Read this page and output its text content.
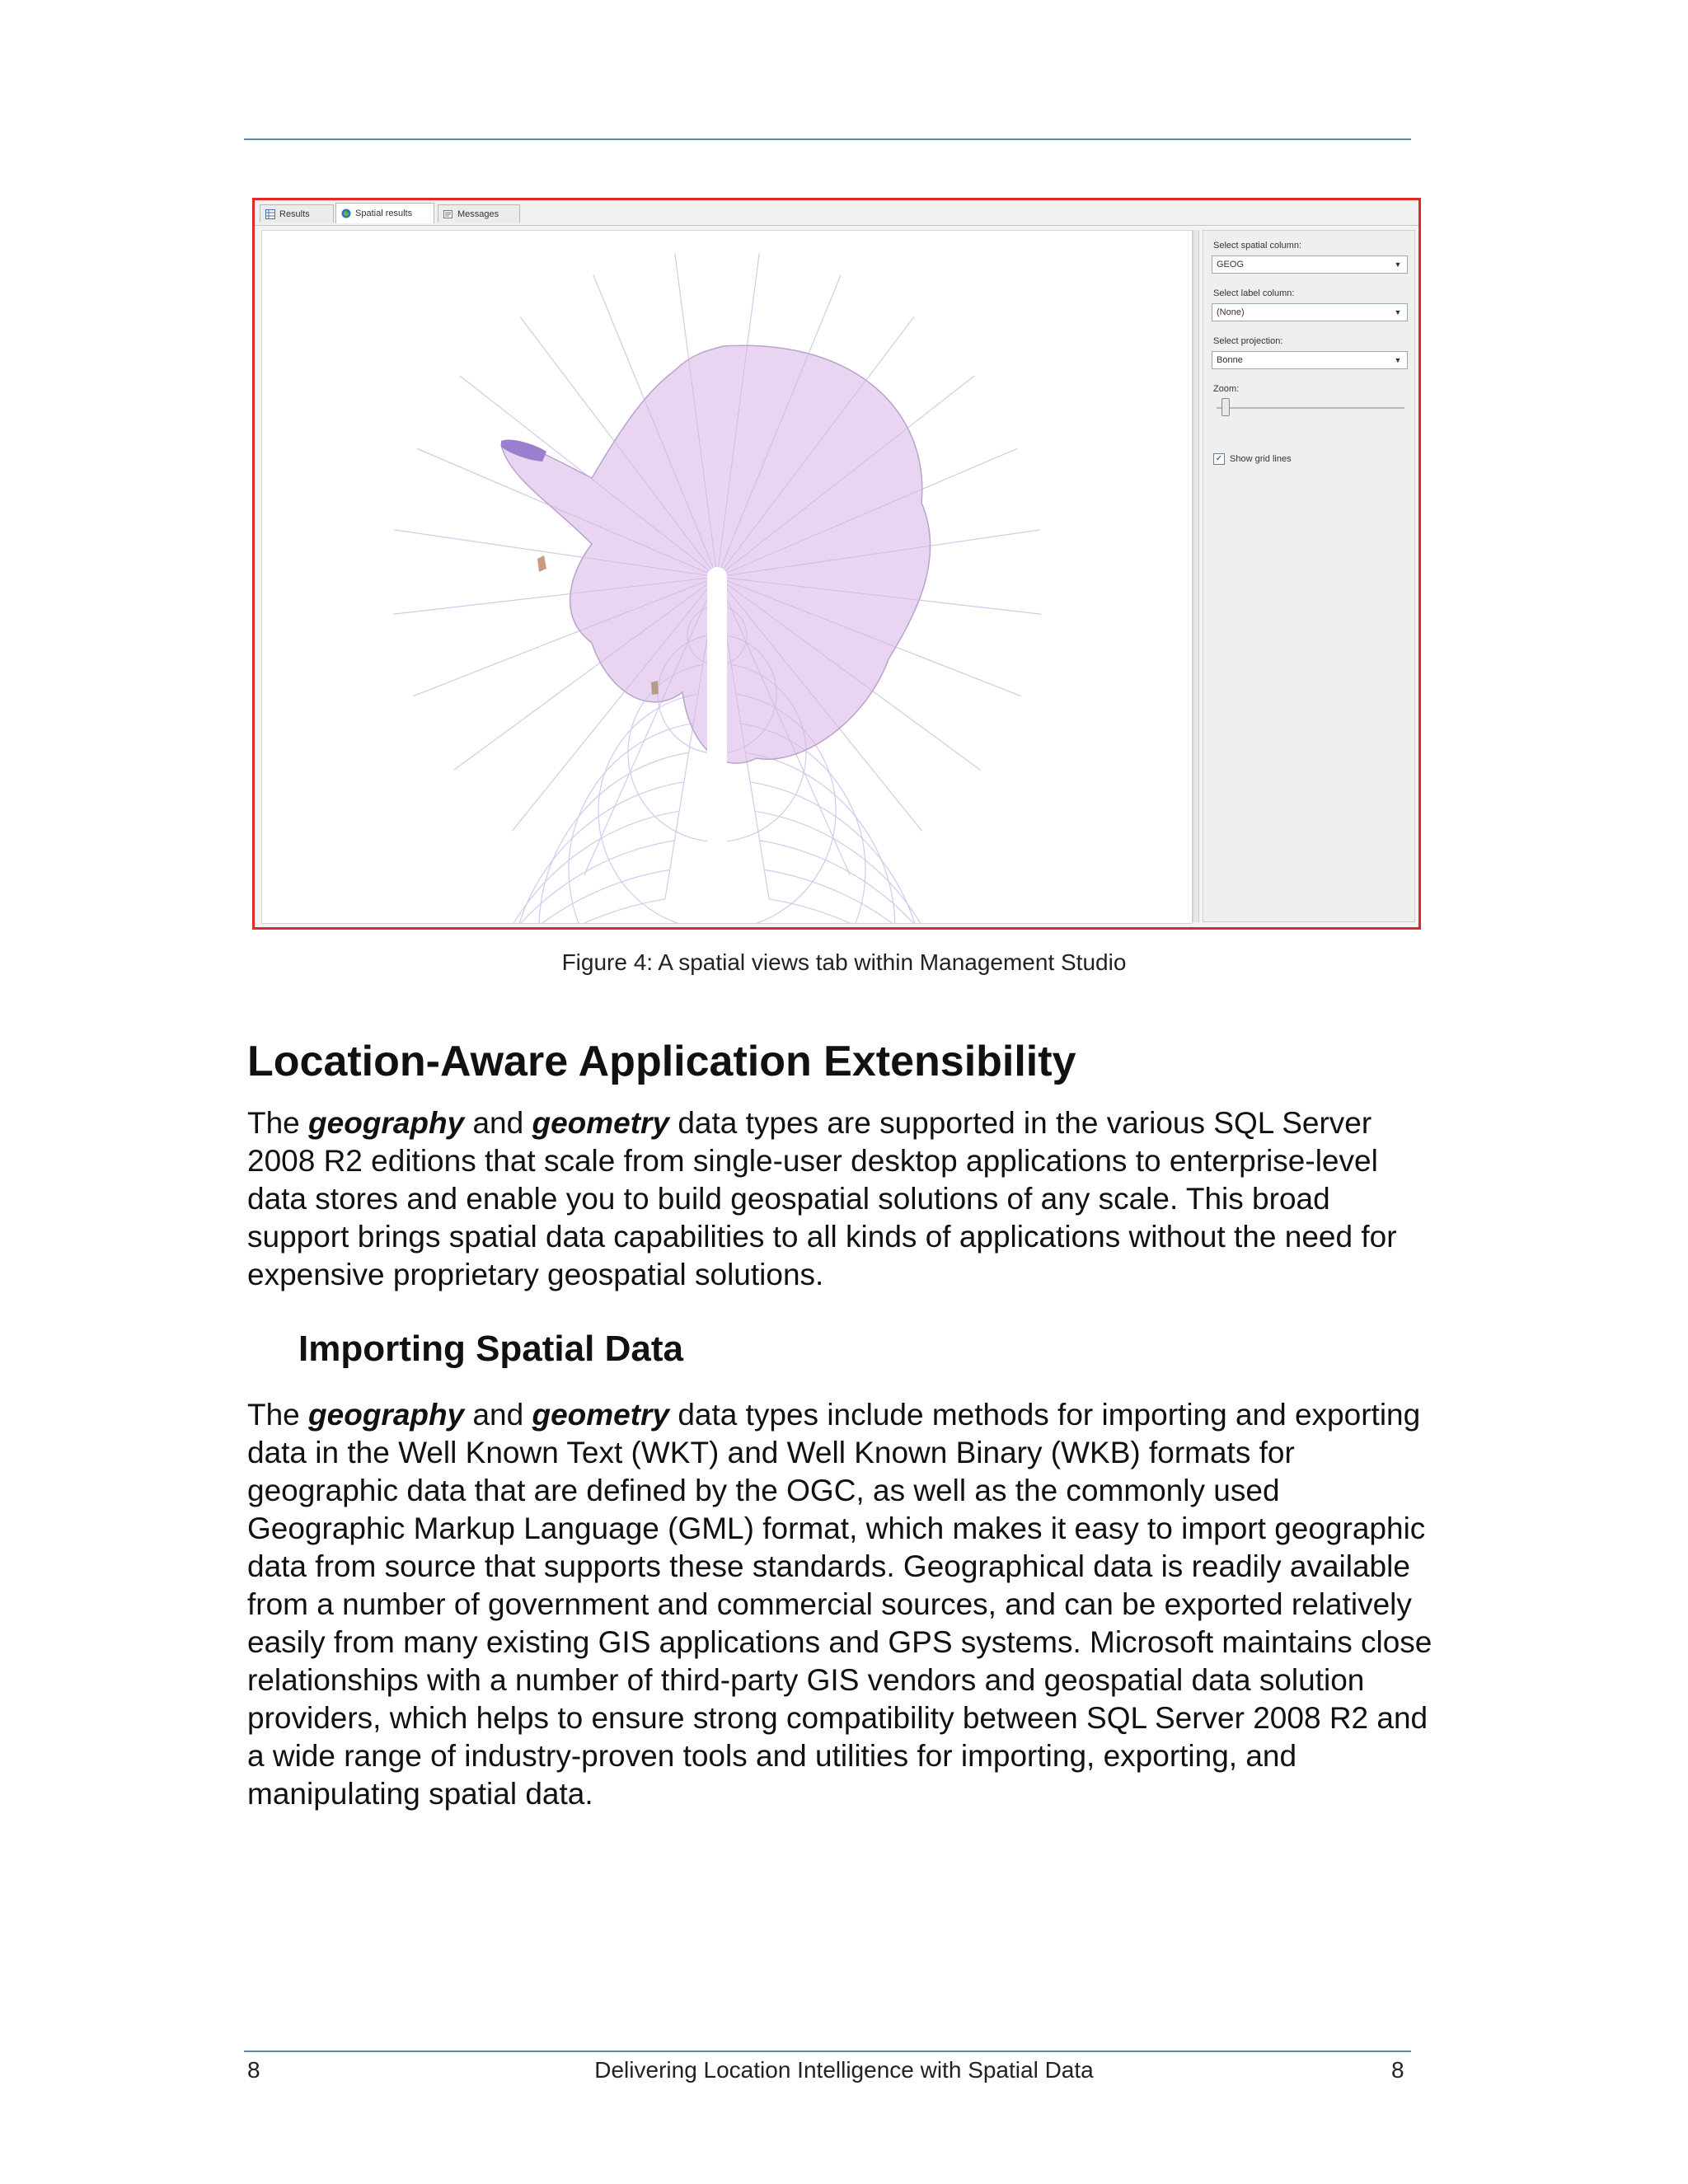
Results	Spatial results	Messages
Select spatial column:
GEOG	▼
Select label column:
(None)	▼
Select projection:
Bonne	▼
Zoom:
✓ Show grid lines
Figure 4: A spatial views tab within Management Studio
Location-Aware Application Extensibility

The geography and geometry data types are supported in the various SQL Server 2008 R2 editions that scale from single-user desktop applications to enterprise-level data stores and enable you to build geospatial solutions of any scale. This broad support brings spatial data capabilities to all kinds of applications without the need for expensive proprietary geospatial solutions.

Importing Spatial Data

The geography and geometry data types include methods for importing and exporting data in the Well Known Text (WKT) and Well Known Binary (WKB) formats for geographic data that are defined by the OGC, as well as the commonly used Geographic Markup Language (GML) format, which makes it easy to import geographic data from source that supports these standards. Geographical data is readily available from a number of government and commercial sources, and can be exported relatively easily from many existing GIS applications and GPS systems. Microsoft maintains close relationships with a number of third-party GIS vendors and geospatial data solution providers, which helps to ensure strong compatibility between SQL Server 2008 R2 and a wide range of industry-proven tools and utilities for importing, exporting, and manipulating spatial data.

8	Delivering Location Intelligence with Spatial Data	8
